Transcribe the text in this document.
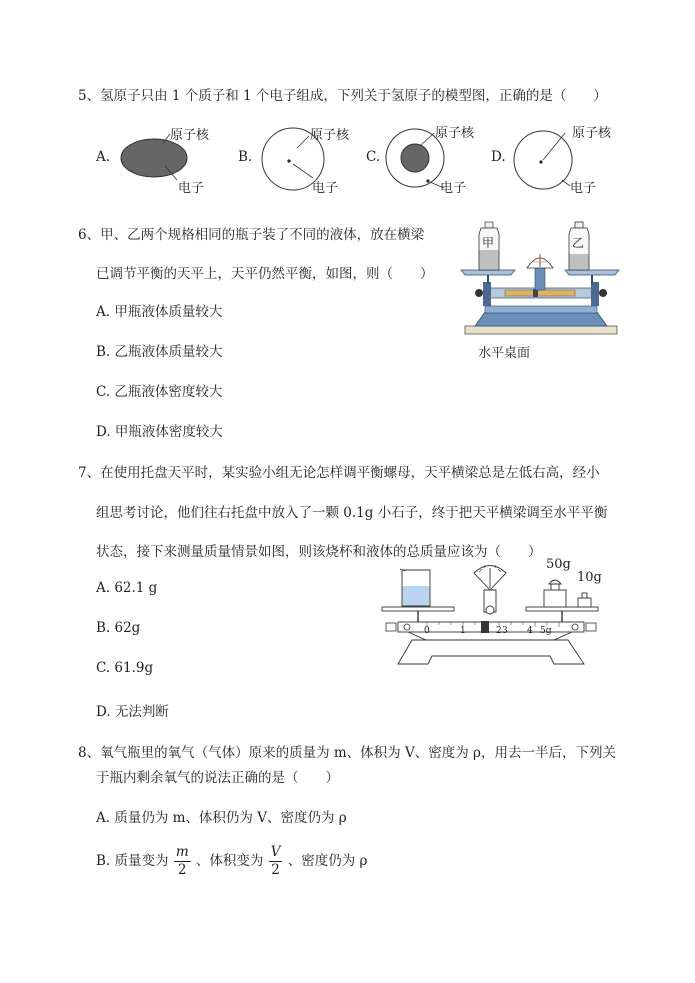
5、氢原子只由 1 个质子和 1 个电子组成，下列关于氢原子的模型图，正确的是（　　）
A.
原子核
电子
B.
原子核
电子
C.
原子核
电子
D.
原子核
电子
6、甲、乙两个规格相同的瓶子装了不同的液体，放在横梁
已调节平衡的天平上，天平仍然平衡，如图，则（　　）
A. 甲瓶液体质量较大
B. 乙瓶液体质量较大
C. 乙瓶液体密度较大
D. 甲瓶液体密度较大
甲	乙
水平桌面
7、在使用托盘天平时，某实验小组无论怎样调平衡螺母，天平横梁总是左低右高，经小
组思考讨论，他们往右托盘中放入了一颗 0.1g 小石子，终于把天平横梁调至水平平衡
状态，接下来测量质量情景如图，则该烧杯和液体的总质量应该为（　　）
A. 62.1 g
B. 62g
C. 61.9g
D. 无法判断
50g
10g
0	1	2 3 4 5g
8、氧气瓶里的氧气（气体）原来的质量为 m、体积为 V、密度为 ρ，用去一半后，下列关
于瓶内剩余氧气的说法正确的是（　　）
A. 质量仍为 m、体积仍为 V、密度仍为 ρ
B. 质量变为 $\frac{m}{2}$ 、体积变为 $\frac{V}{2}$ 、密度仍为 ρ
